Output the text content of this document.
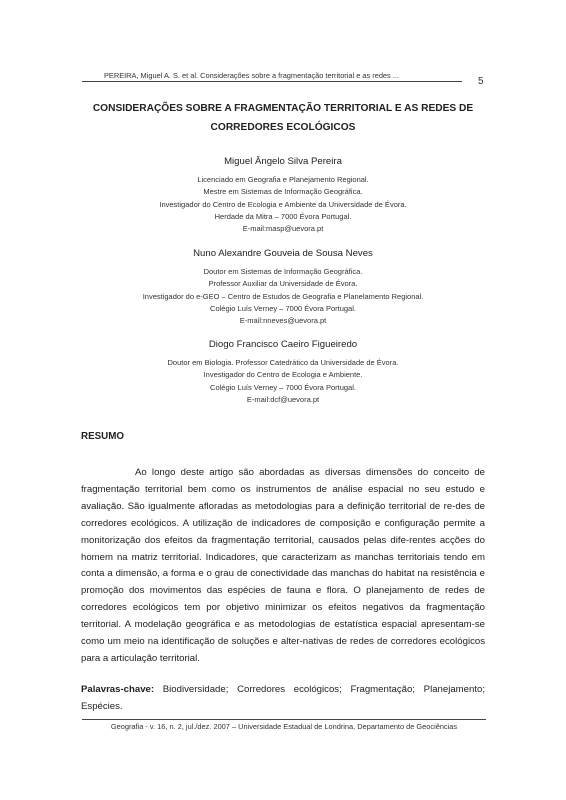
PEREIRA, Miguel A. S. et al. Considerações sobre a fragmentação territorial e as redes ...
5
CONSIDERAÇÕES SOBRE A FRAGMENTAÇÃO TERRITORIAL E AS REDES DE
CORREDORES ECOLÓGICOS
Miguel Ângelo Silva Pereira
Licenciado em Geografia e Planejamento Regional.
Mestre em Sistemas de Informação Geográfica.
Investigador do Centro de Ecologia e Ambiente da Universidade de Évora.
Herdade da Mitra – 7000 Évora Portugal.
E-mail:masp@uevora.pt
Nuno Alexandre Gouveia de Sousa Neves
Doutor em Sistemas de Informação Geográfica.
Professor Auxiliar da Universidade de Évora.
Investigador do e-GEO – Centro de Estudos de Geografia e Planelamento Regional.
Colégio Luís Verney – 7000 Évora Portugal.
E-mail:nneves@uevora.pt
Diogo Francisco Caeiro Figueiredo
Doutor em Biologia. Professor Catedrático da Universidade de Évora.
Investigador do Centro de Ecologia e Ambiente.
Colégio Luís Verney – 7000 Évora Portugal.
E-mail:dcf@uevora.pt
RESUMO

Ao longo deste artigo são abordadas as diversas dimensões do conceito de fragmentação territorial bem como os instrumentos de análise espacial no seu estudo e avaliação. São igualmente afloradas as metodologias para a definição territorial de re-des de corredores ecológicos. A utilização de indicadores de composição e configuração permite a monitorização dos efeitos da fragmentação territorial, causados pelas dife-rentes acções do homem na matriz territorial. Indicadores, que caracterizam as manchas territoriais tendo em conta a dimensão, a forma e o grau de conectividade das manchas do habitat na resistência e promoção dos movimentos das espécies de fauna e flora. O planejamento de redes de corredores ecológicos tem por objetivo minimizar os efeitos negativos da fragmentação territorial. A modelação geográfica e as metodologias de estatística espacial apresentam-se como um meio na identificação de soluções e alter-nativas de redes de corredores ecológicos para a articulação territorial.

Palavras-chave: Biodiversidade; Corredores ecológicos; Fragmentação; Planejamento; Espécies.
Geografia - v. 16, n. 2, jul./dez. 2007 – Universidade Estadual de Londrina, Departamento de Geociências
